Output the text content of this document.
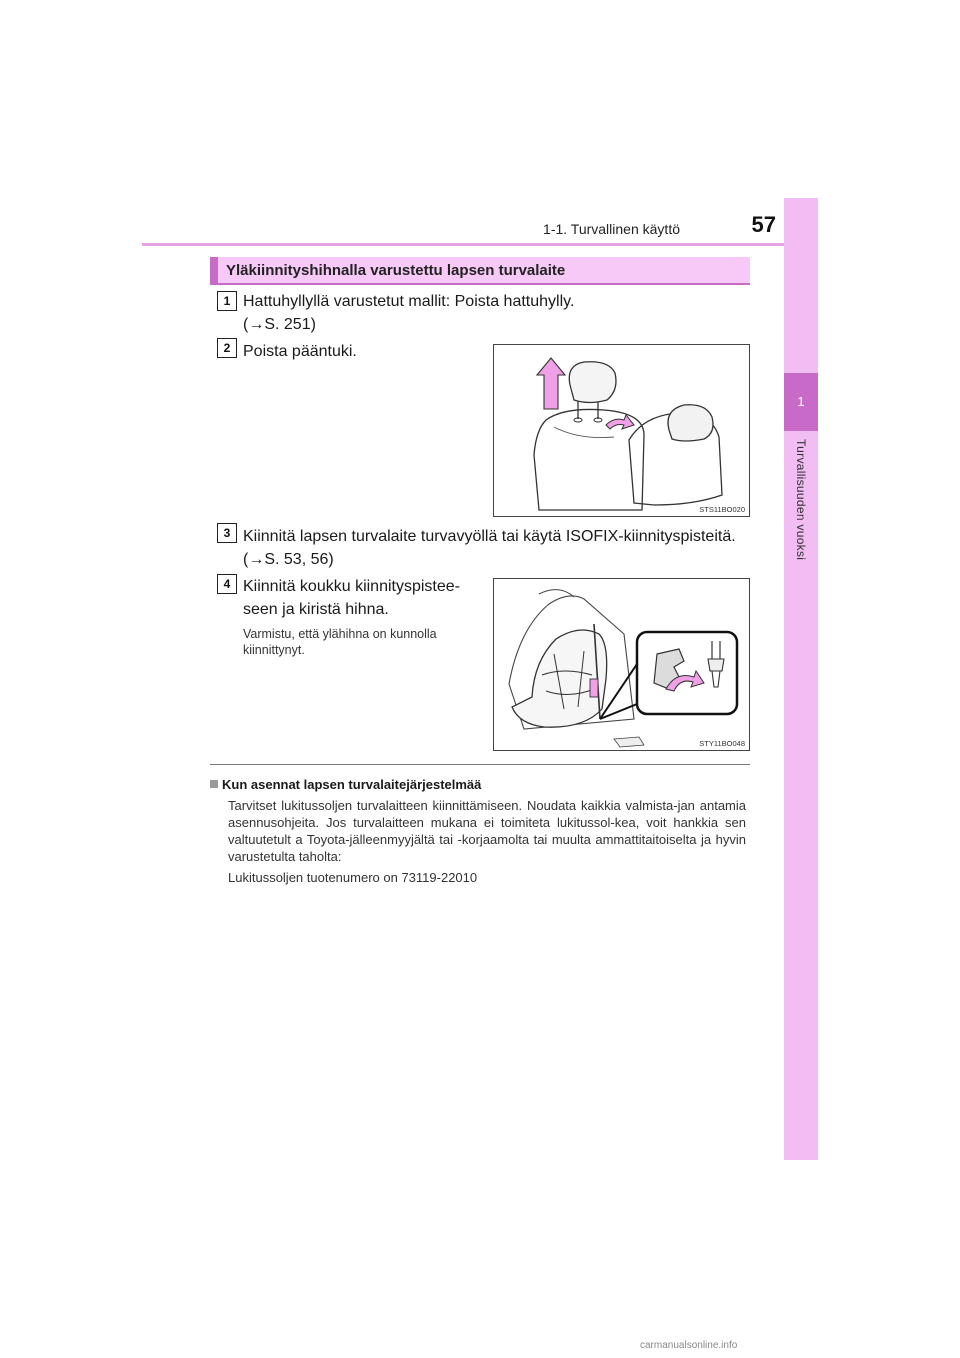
1-1. Turvallinen käyttö	57
1
Turvallisuuden vuoksi
Yläkiinnityshihnalla varustettu lapsen turvalaite
1 Hattuhyllyllä varustetut mallit: Poista hattuhylly.
(→S. 251)
2 Poista pääntuki.
STS11BO020
3 Kiinnitä lapsen turvalaite turvavyöllä tai käytä ISOFIX-kiinnityspisteitä.
(→S. 53, 56)
4 Kiinnitä koukku kiinnityspistee-
seen ja kiristä hihna.
Varmistu, että ylähihna on kunnolla
kiinnittynyt.
STY11BO048
Kun asennat lapsen turvalaitejärjestelmää
Tarvitset lukitussoljen turvalaitteen kiinnittämiseen. Noudata kaikkia valmista-jan antamia asennusohjeita. Jos turvalaitteen mukana ei toimiteta lukitussol-kea, voit hankkia sen valtuutetult a Toyota-jälleenmyyjältä tai -korjaamolta tai muulta ammattitaitoiselta ja hyvin varustetulta taholta:
Lukitussoljen tuotenumero on 73119-22010
carmanualsonline.info
